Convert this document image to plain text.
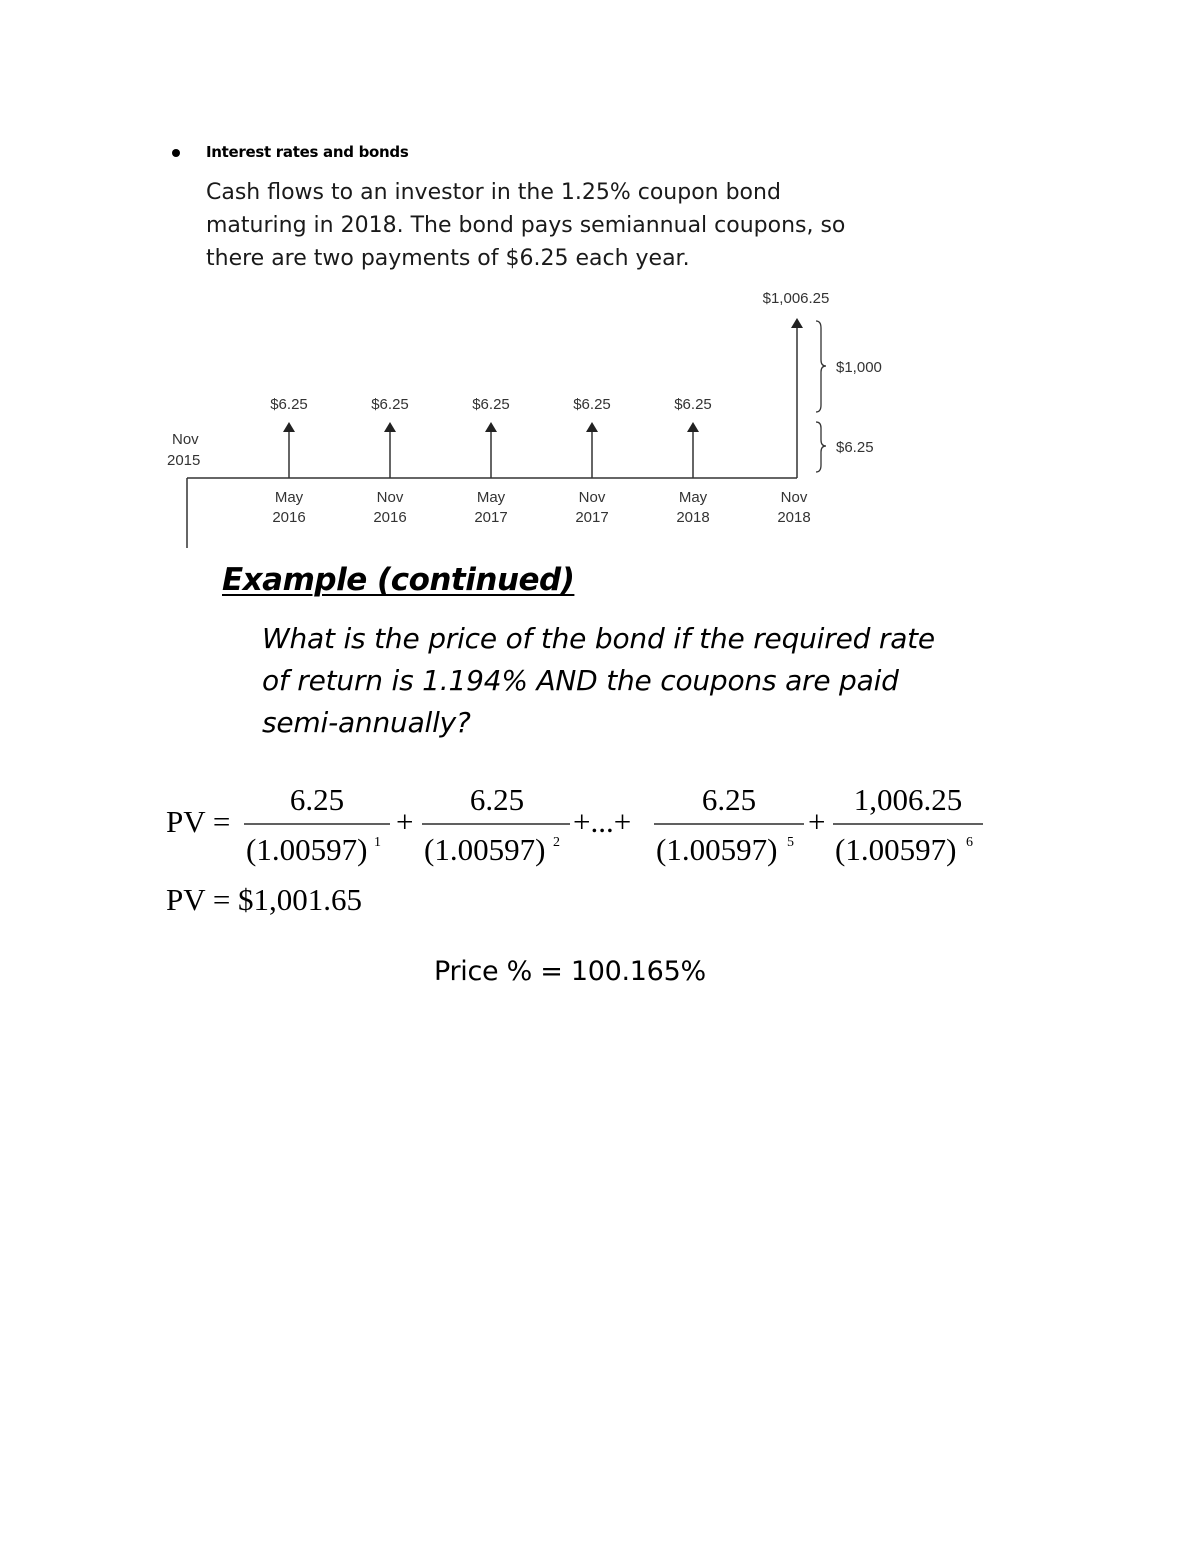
Interest rates and bonds
Cash flows to an investor in the 1.25% coupon bond
maturing in 2018. The bond pays semiannual coupons, so
there are two payments of $6.25 each year.
Nov
2015
$6.25
May
2016
$6.25
Nov
2016
$6.25
May
2017
$6.25
Nov
2017
$6.25
May
2018
$1,006.25
Nov
2018
$1,000
$6.25
Example (continued)
What is the price of the bond if the required rate
of return is 1.194% AND the coupons are paid
semi-annually?
PV =
6.25
(1.00597) 1
+
6.25
(1.00597) 2
+...+
6.25
(1.00597) 5
+
1,006.25
(1.00597) 6
PV = $1,001.65
Price % = 100.165%
